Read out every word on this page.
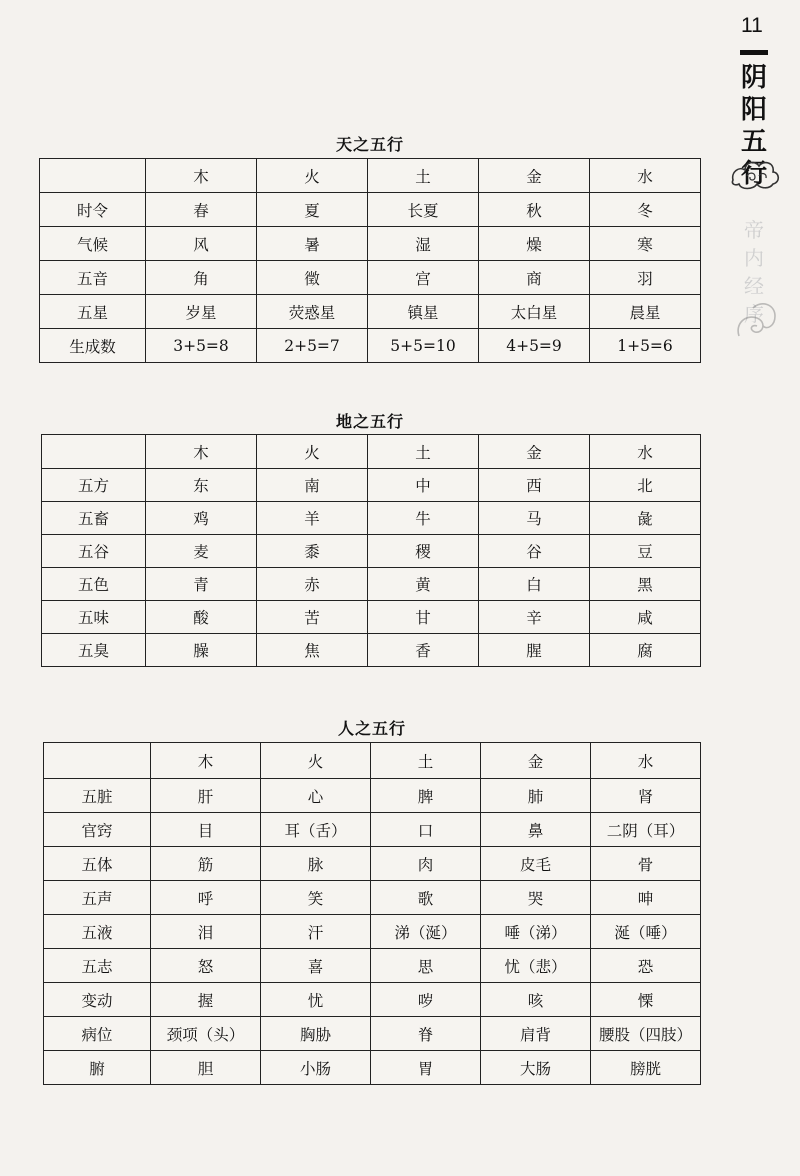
11
阴阳五行
帝
内
经
序
天之五行
	木	火	土	金	水
时令	春	夏	长夏	秋	冬
气候	风	暑	湿	燥	寒
五音	角	徵	宫	商	羽
五星	岁星	荧惑星	镇星	太白星	晨星
生成数	3+5=8	2+5=7	5+5=10	4+5=9	1+5=6
地之五行
	木	火	土	金	水
五方	东	南	中	西	北
五畜	鸡	羊	牛	马	彘
五谷	麦	黍	稷	谷	豆
五色	青	赤	黄	白	黑
五味	酸	苦	甘	辛	咸
五臭	臊	焦	香	腥	腐
人之五行
	木	火	土	金	水
五脏	肝	心	脾	肺	肾
官窍	目	耳（舌）	口	鼻	二阴（耳）
五体	筋	脉	肉	皮毛	骨
五声	呼	笑	歌	哭	呻
五液	泪	汗	涕（涎）	唾（涕）	涎（唾）
五志	怒	喜	思	忧（悲）	恐
变动	握	忧	哕	咳	慄
病位	颈项（头）	胸胁	脊	肩背	腰股（四肢）
腑	胆	小肠	胃	大肠	膀胱
